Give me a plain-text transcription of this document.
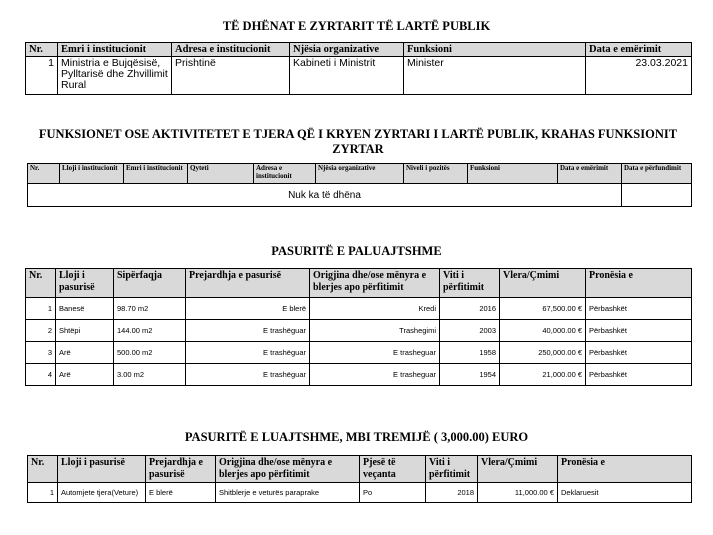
TË DHËNAT E ZYRTARIT TË LARTË PUBLIK
Nr.	Emri i institucionit	Adresa e institucionit	Njësia organizative	Funksioni	Data e emërimit
1	Ministria e Bujqësisë, Pylltarisë dhe Zhvillimit Rural	Prishtinë	Kabineti i Ministrit	Minister	23.03.2021
FUNKSIONET OSE AKTIVITETET E TJERA QË I KRYEN ZYRTARI I LARTË PUBLIK, KRAHAS FUNKSIONIT ZYRTAR
Nr.	Lloji i institucionit	Emri i institucionit	Qyteti	Adresa e institucionit	Njësia organizative	Niveli i pozitës	Funksioni	Data e emërimit	Data e përfundimit
Nuk ka të dhëna									
PASURITË E PALUAJTSHME
Nr.	Lloji i pasurisë	Sipërfaqja	Prejardhja e pasurisë	Origjina dhe/ose mënyra e blerjes apo përfitimit	Viti i përfitimit	Vlera/Çmimi	Pronësia e
1	Banesë	98.70 m2	E blerë	Kredi	2016	67,500.00 €	Përbashkët
2	Shtëpi	144.00 m2	E trashëguar	Trashegimi	2003	40,000.00 €	Përbashkët
3	Arë	500.00 m2	E trashëguar	E trasheguar	1958	250,000.00 €	Përbashkët
4	Arë	3.00 m2	E trashëguar	E trasheguar	1954	21,000.00 €	Përbashkët
PASURITË E LUAJTSHME, MBI TREMIJË ( 3,000.00) EURO
Nr.	Lloji i pasurisë	Prejardhja e pasurisë	Origjina dhe/ose mënyra e blerjes apo përfitimit	Pjesë të veçanta	Viti i përfitimit	Vlera/Çmimi	Pronësia e
1	Automjete tjera(Veture)	E blerë	Shitblerje e veturës paraprake	Po	2018	11,000.00 €	Deklaruesit
